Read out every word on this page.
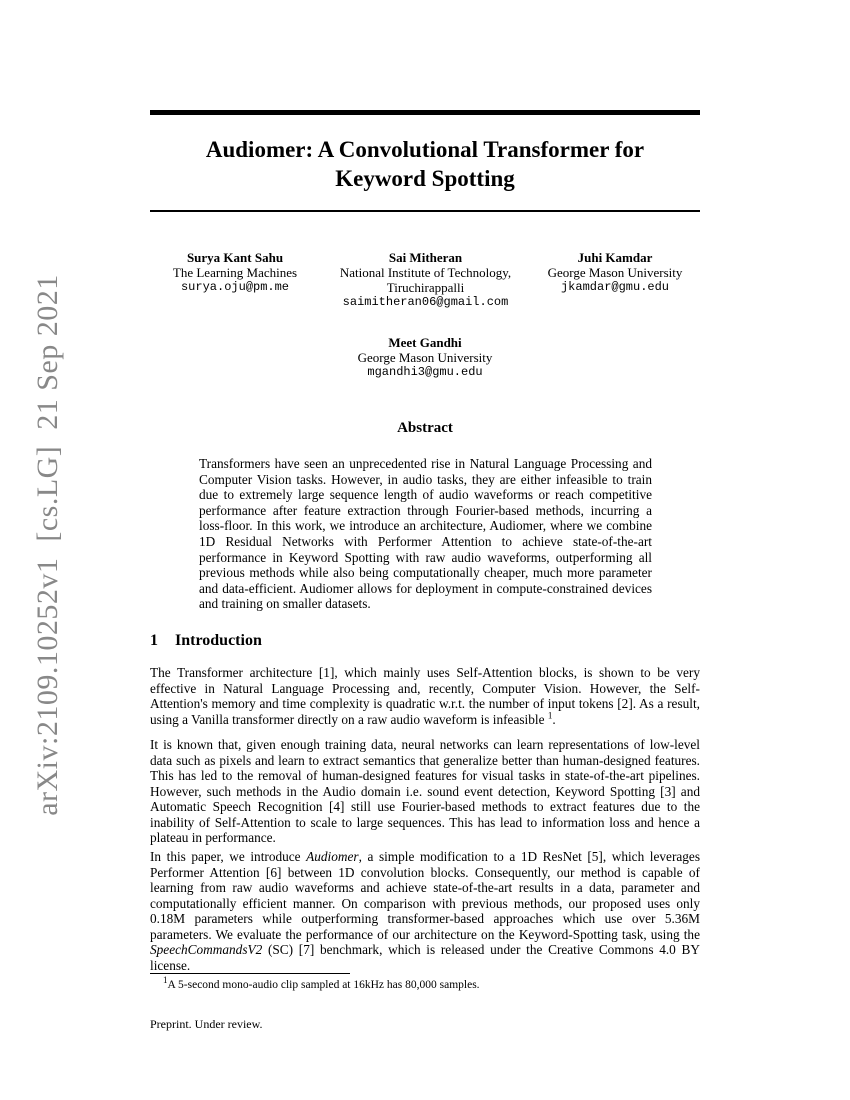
arXiv:2109.10252v1 [cs.LG] 21 Sep 2021
Audiomer: A Convolutional Transformer for
Keyword Spotting
Surya Kant Sahu
The Learning Machines
surya.oju@pm.me
Sai Mitheran
National Institute of Technology,
Tiruchirappalli
saimitheran06@gmail.com
Juhi Kamdar
George Mason University
jkamdar@gmu.edu
Meet Gandhi
George Mason University
mgandhi3@gmu.edu
Abstract
Transformers have seen an unprecedented rise in Natural Language Processing and Computer Vision tasks. However, in audio tasks, they are either infeasible to train due to extremely large sequence length of audio waveforms or reach competitive performance after feature extraction through Fourier-based methods, incurring a loss-floor. In this work, we introduce an architecture, Audiomer, where we combine 1D Residual Networks with Performer Attention to achieve state-of-the-art performance in Keyword Spotting with raw audio waveforms, outperforming all previous methods while also being computationally cheaper, much more parameter and data-efficient. Audiomer allows for deployment in compute-constrained devices and training on smaller datasets.
1 Introduction

The Transformer architecture [1], which mainly uses Self-Attention blocks, is shown to be very effective in Natural Language Processing and, recently, Computer Vision. However, the Self-Attention's memory and time complexity is quadratic w.r.t. the number of input tokens [2]. As a result, using a Vanilla transformer directly on a raw audio waveform is infeasible $^1$.

It is known that, given enough training data, neural networks can learn representations of low-level data such as pixels and learn to extract semantics that generalize better than human-designed features. This has led to the removal of human-designed features for visual tasks in state-of-the-art pipelines. However, such methods in the Audio domain i.e. sound event detection, Keyword Spotting [3] and Automatic Speech Recognition [4] still use Fourier-based methods to extract features due to the inability of Self-Attention to scale to large sequences. This has lead to information loss and hence a plateau in performance.

In this paper, we introduce Audiomer, a simple modification to a 1D ResNet [5], which leverages Performer Attention [6] between 1D convolution blocks. Consequently, our method is capable of learning from raw audio waveforms and achieve state-of-the-art results in a data, parameter and computationally efficient manner. On comparison with previous methods, our proposed uses only 0.18M parameters while outperforming transformer-based approaches which use over 5.36M parameters. We evaluate the performance of our architecture on the Keyword-Spotting task, using the SpeechCommandsV2 (SC) [7] benchmark, which is released under the Creative Commons 4.0 BY license.

$^1$A 5-second mono-audio clip sampled at 16kHz has 80,000 samples.
Preprint. Under review.
